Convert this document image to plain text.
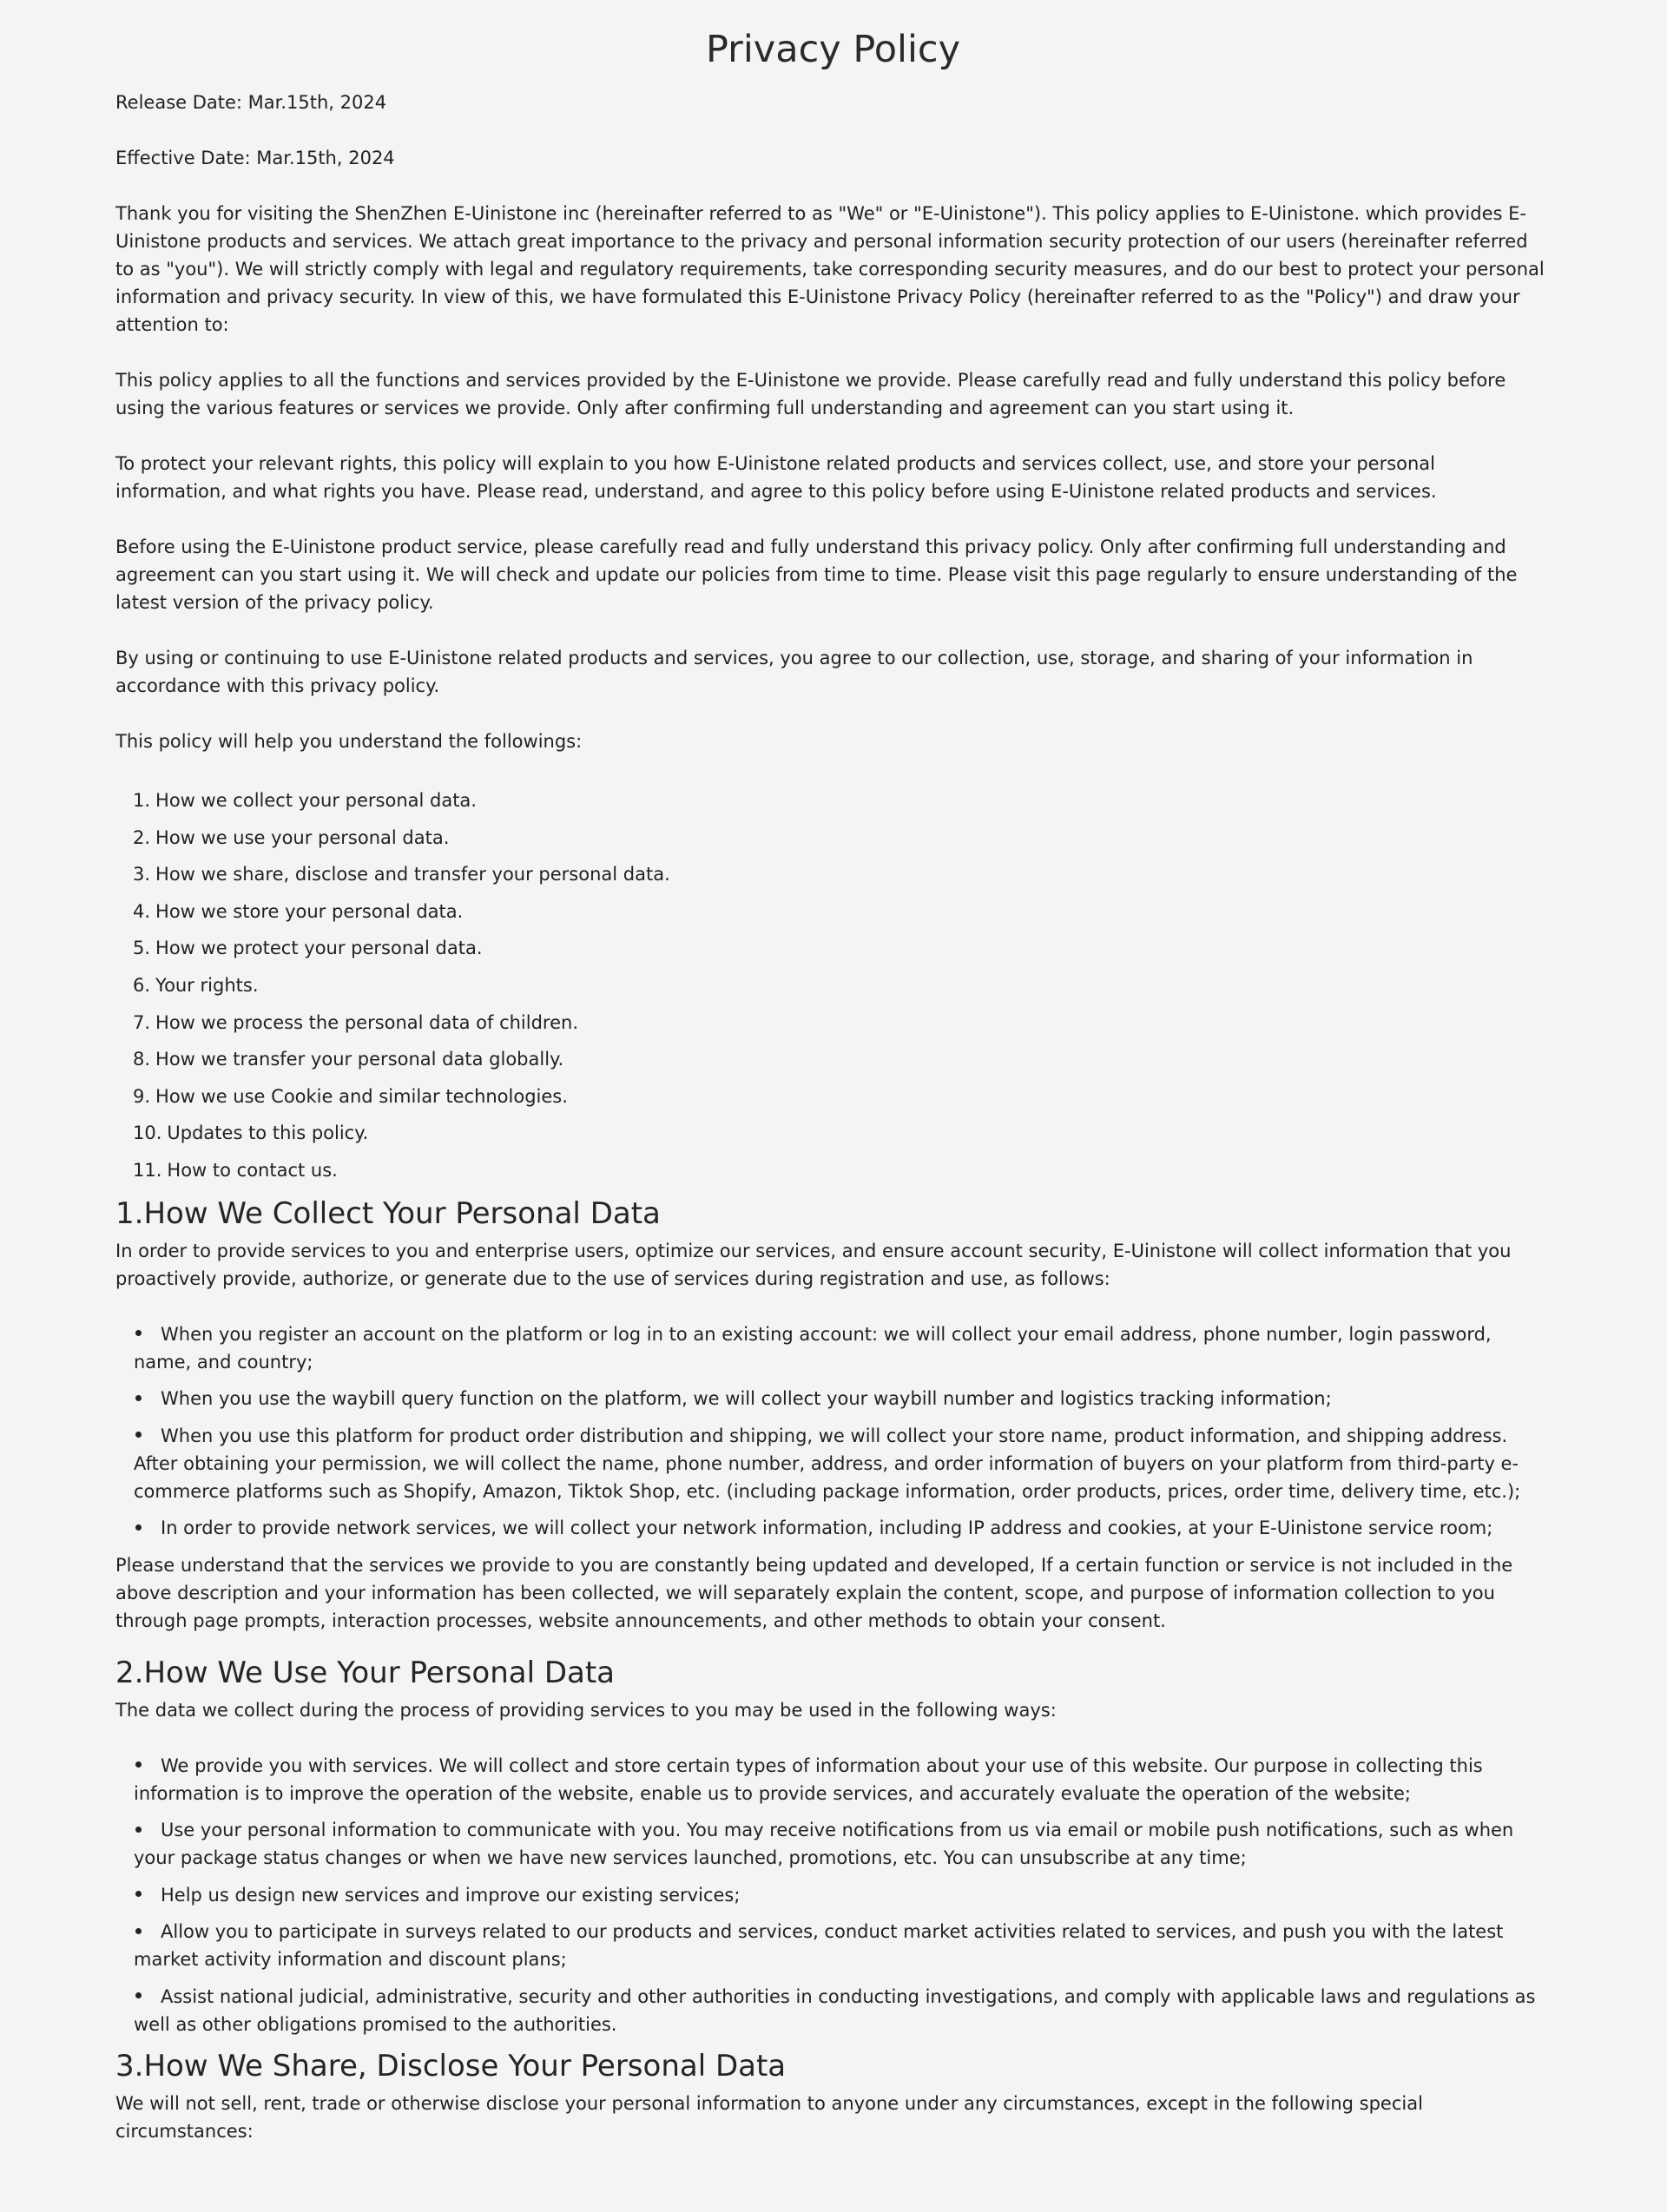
Privacy Policy

Release Date: Mar.15th, 2024

Effective Date: Mar.15th, 2024

Thank you for visiting the ShenZhen E-Uinistone inc (hereinafter referred to as "We" or "E-Uinistone"). This policy applies to E-Uinistone. which provides E-Uinistone products and services. We attach great importance to the privacy and personal information security protection of our users (hereinafter referred to as "you"). We will strictly comply with legal and regulatory requirements, take corresponding security measures, and do our best to protect your personal information and privacy security. In view of this, we have formulated this E-Uinistone Privacy Policy (hereinafter referred to as the "Policy") and draw your attention to:

This policy applies to all the functions and services provided by the E-Uinistone we provide. Please carefully read and fully understand this policy before using the various features or services we provide. Only after confirming full understanding and agreement can you start using it.

To protect your relevant rights, this policy will explain to you how E-Uinistone related products and services collect, use, and store your personal information, and what rights you have. Please read, understand, and agree to this policy before using E-Uinistone related products and services.

Before using the E-Uinistone product service, please carefully read and fully understand this privacy policy. Only after confirming full understanding and agreement can you start using it. We will check and update our policies from time to time. Please visit this page regularly to ensure understanding of the latest version of the privacy policy.

By using or continuing to use E-Uinistone related products and services, you agree to our collection, use, storage, and sharing of your information in accordance with this privacy policy.

This policy will help you understand the followings:

1. How we collect your personal data.
2. How we use your personal data.
3. How we share, disclose and transfer your personal data.
4. How we store your personal data.
5. How we protect your personal data.
6. Your rights.
7. How we process the personal data of children.
8. How we transfer your personal data globally.
9. How we use Cookie and similar technologies.
10. Updates to this policy.
11. How to contact us.
1.How We Collect Your Personal Data

In order to provide services to you and enterprise users, optimize our services, and ensure account security, E-Uinistone will collect information that you proactively provide, authorize, or generate due to the use of services during registration and use, as follows:

When you register an account on the platform or log in to an existing account: we will collect your email address, phone number, login password, name, and country;
When you use the waybill query function on the platform, we will collect your waybill number and logistics tracking information;
When you use this platform for product order distribution and shipping, we will collect your store name, product information, and shipping address. After obtaining your permission, we will collect the name, phone number, address, and order information of buyers on your platform from third-party e-commerce platforms such as Shopify, Amazon, Tiktok Shop, etc. (including package information, order products, prices, order time, delivery time, etc.);
In order to provide network services, we will collect your network information, including IP address and cookies, at your E-Uinistone service room;

Please understand that the services we provide to you are constantly being updated and developed, If a certain function or service is not included in the above description and your information has been collected, we will separately explain the content, scope, and purpose of information collection to you through page prompts, interaction processes, website announcements, and other methods to obtain your consent.

2.How We Use Your Personal Data

The data we collect during the process of providing services to you may be used in the following ways:

We provide you with services. We will collect and store certain types of information about your use of this website. Our purpose in collecting this information is to improve the operation of the website, enable us to provide services, and accurately evaluate the operation of the website;
Use your personal information to communicate with you. You may receive notifications from us via email or mobile push notifications, such as when your package status changes or when we have new services launched, promotions, etc. You can unsubscribe at any time;
Help us design new services and improve our existing services;
Allow you to participate in surveys related to our products and services, conduct market activities related to services, and push you with the latest market activity information and discount plans;
Assist national judicial, administrative, security and other authorities in conducting investigations, and comply with applicable laws and regulations as well as other obligations promised to the authorities.
3.How We Share, Disclose Your Personal Data

We will not sell, rent, trade or otherwise disclose your personal information to anyone under any circumstances, except in the following special circumstances:
